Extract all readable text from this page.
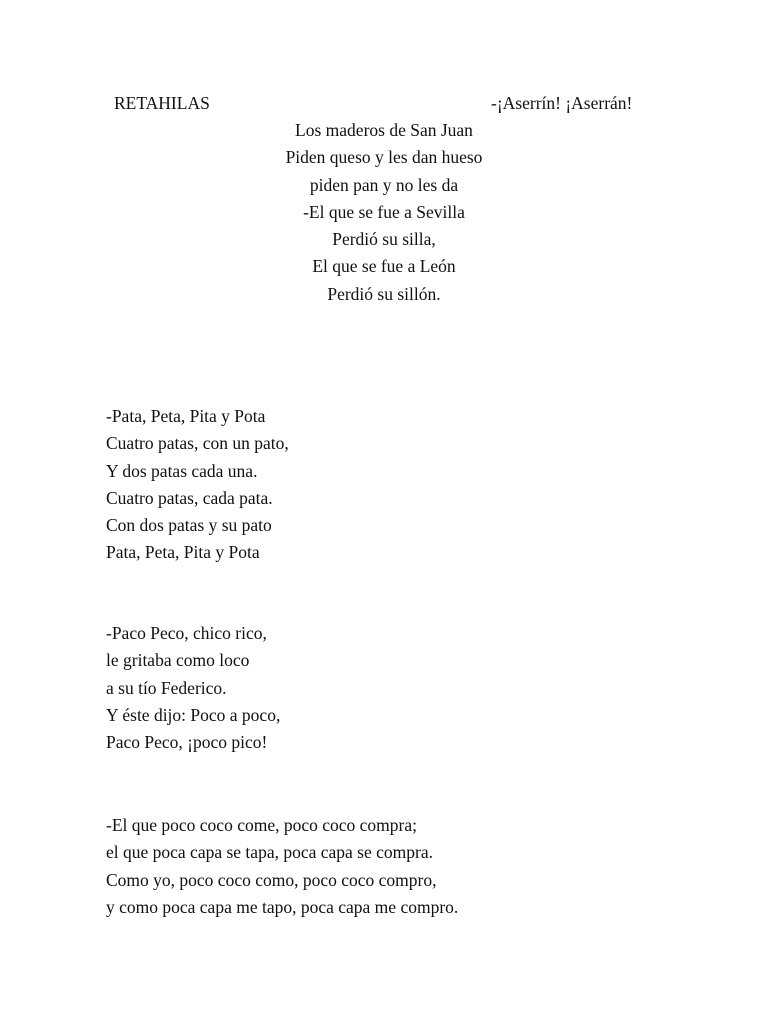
RETAHILAS	-¡Aserrín! ¡Aserrán!
Los maderos de San Juan
Piden queso y les dan hueso
piden pan y no les da
-El que se fue a Sevilla
Perdió su silla,
El que se fue a León
Perdió su sillón.
-Pata, Peta, Pita y Pota
Cuatro patas, con un pato,
Y dos patas cada una.
Cuatro patas, cada pata.
Con dos patas y su pato
Pata, Peta, Pita y Pota
-Paco Peco, chico rico,
le gritaba como loco
a su tío Federico.
Y éste dijo: Poco a poco,
Paco Peco, ¡poco pico!
-El que poco coco come, poco coco compra;
el que poca capa se tapa, poca capa se compra.
Como yo, poco coco como, poco coco compro,
y como poca capa me tapo, poca capa me compro.
